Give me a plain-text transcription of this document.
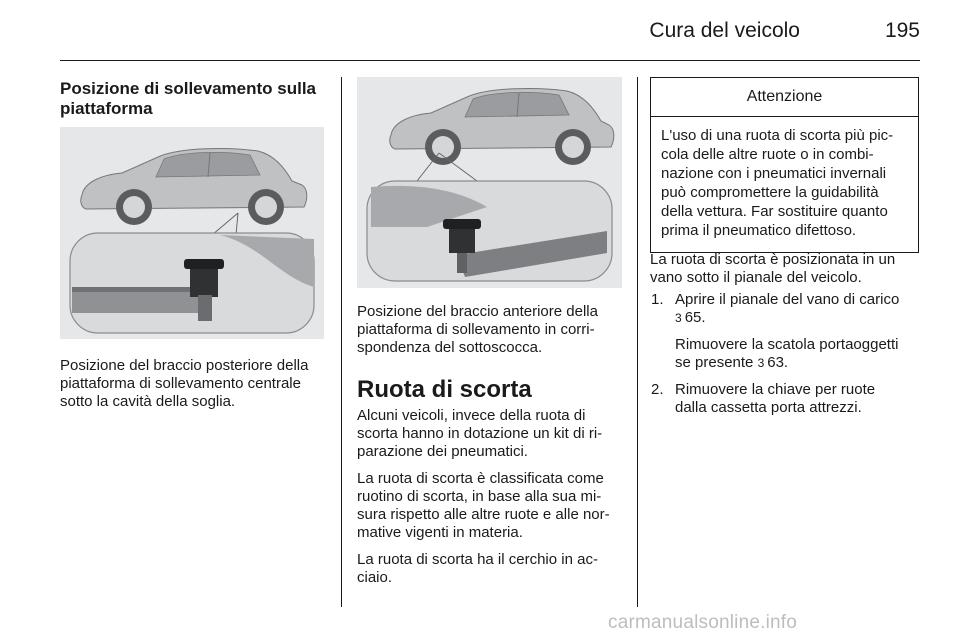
Cura del veicolo	195
Posizione di sollevamento sulla
piattaforma
Posizione del braccio posteriore della
piattaforma di sollevamento centrale
sotto la cavità della soglia.
Posizione del braccio anteriore della
piattaforma di sollevamento in corri-
spondenza del sottoscocca.
Ruota di scorta
Alcuni veicoli, invece della ruota di
scorta hanno in dotazione un kit di ri-
parazione dei pneumatici.
La ruota di scorta è classificata come
ruotino di scorta, in base alla sua mi-
sura rispetto alle altre ruote e alle nor-
mative vigenti in materia.
La ruota di scorta ha il cerchio in ac-
ciaio.
Attenzione
L'uso di una ruota di scorta più pic-
cola delle altre ruote o in combi-
nazione con i pneumatici invernali
può compromettere la guidabilità
della vettura. Far sostituire quanto
prima il pneumatico difettoso.
La ruota di scorta è posizionata in un
vano sotto il pianale del veicolo.
1. Aprire il pianale del vano di carico
3 65.
Rimuovere la scatola portaoggetti
se presente 3 63.
2. Rimuovere la chiave per ruote
dalla cassetta porta attrezzi.
carmanualsonline.info
